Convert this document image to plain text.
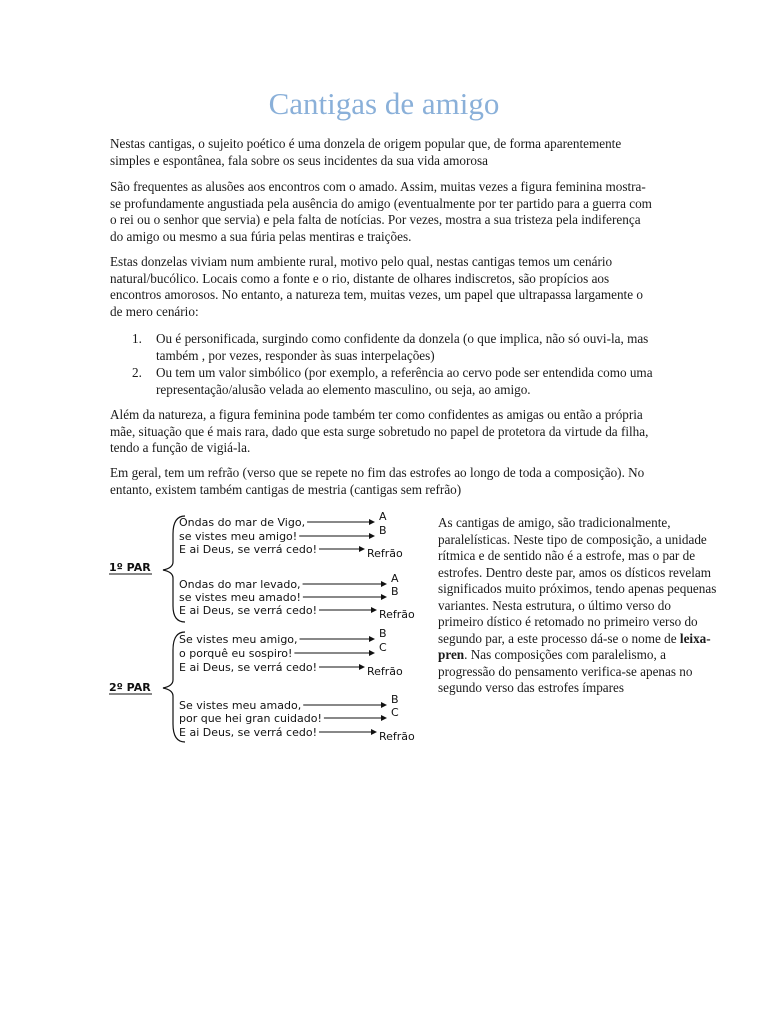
Cantigas de amigo

Nestas cantigas, o sujeito poético é uma donzela de origem popular que, de forma aparentemente simples e espontânea, fala sobre os seus incidentes da sua vida amorosa

São frequentes as alusões aos encontros com o amado. Assim, muitas vezes a figura feminina mostra-se profundamente angustiada pela ausência do amigo (eventualmente por ter partido para a guerra com o rei ou o senhor que servia) e pela falta de notícias. Por vezes, mostra a sua tristeza pela indiferença do amigo ou mesmo a sua fúria pelas mentiras e traições.

Estas donzelas viviam num ambiente rural, motivo pelo qual, nestas cantigas temos um cenário natural/bucólico. Locais como a fonte e o rio, distante de olhares indiscretos, são propícios aos encontros amorosos. No entanto, a natureza tem, muitas vezes, um papel que ultrapassa largamente o de mero cenário:

1. Ou é personificada, surgindo como confidente da donzela (o que implica, não só ouvi-la, mas também , por vezes, responder às suas interpelações)
2. Ou tem um valor simbólico (por exemplo, a referência ao cervo pode ser entendida como uma representação/alusão velada ao elemento masculino, ou seja, ao amigo.

Além da natureza, a figura feminina pode também ter como confidentes as amigas ou então a própria mãe, situação que é mais rara, dado que esta surge sobretudo no papel de protetora da virtude da filha, tendo a função de vigiá-la.

Em geral, tem um refrão (verso que se repete no fim das estrofes ao longo de toda a composição). No entanto, existem também cantigas de mestria (cantigas sem refrão)

1º PAR
2º PAR
Ondas do mar de Vigo,	A
se vistes meu amigo!	B
E ai Deus, se verrá cedo!	Refrão
Ondas do mar levado,	A
se vistes meu amado!	B
E ai Deus, se verrá cedo!	Refrão
Se vistes meu amigo,	B
o porquê eu sospiro!	C
E ai Deus, se verrá cedo!	Refrão
Se vistes meu amado,	B
por que hei gran cuidado!	C
E ai Deus, se verrá cedo!	Refrão

As cantigas de amigo, são tradicionalmente, paralelísticas. Neste tipo de composição, a unidade rítmica e de sentido não é a estrofe, mas o par de estrofes. Dentro deste par, amos os dísticos revelam significados muito próximos, tendo apenas pequenas variantes. Nesta estrutura, o último verso do primeiro dístico é retomado no primeiro verso do segundo par, a este processo dá-se o nome de leixa-pren. Nas composições com paralelismo, a progressão do pensamento verifica-se apenas no segundo verso das estrofes ímpares
